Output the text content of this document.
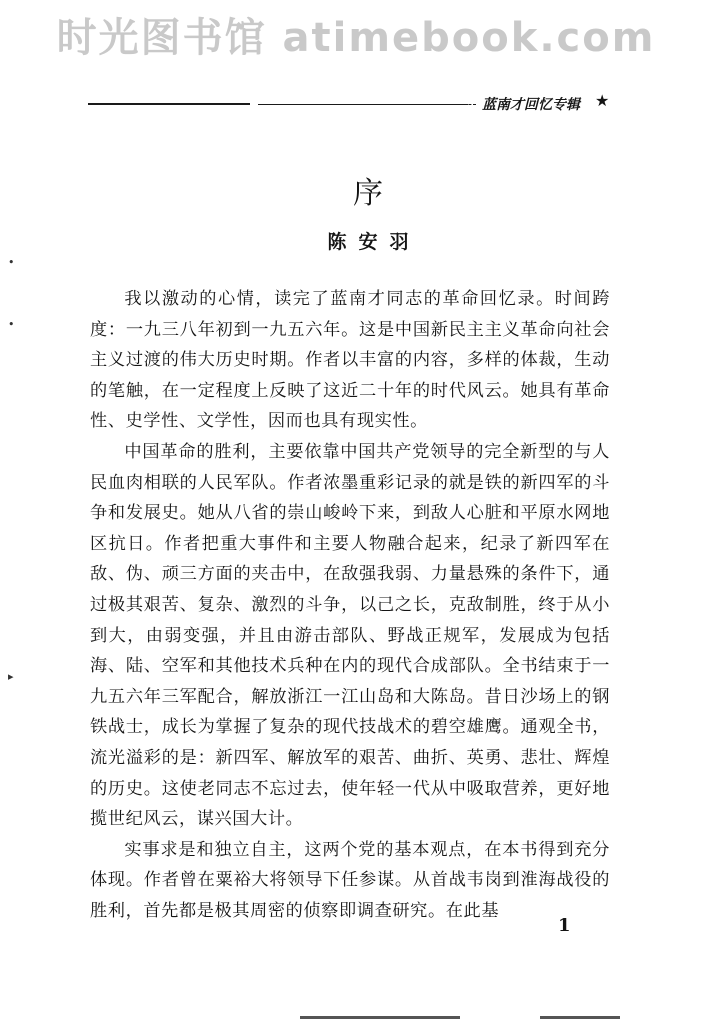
时光图书馆 atimebook.com
蓝南才回忆专辑 ★
序
陈安羽

我以激动的心情，读完了蓝南才同志的革命回忆录。时间跨度：一九三八年初到一九五六年。这是中国新民主主义革命向社会主义过渡的伟大历史时期。作者以丰富的内容，多样的体裁，生动的笔触，在一定程度上反映了这近二十年的时代风云。她具有革命性、史学性、文学性，因而也具有现实性。

中国革命的胜利，主要依靠中国共产党领导的完全新型的与人民血肉相联的人民军队。作者浓墨重彩记录的就是铁的新四军的斗争和发展史。她从八省的崇山峻岭下来，到敌人心脏和平原水网地区抗日。作者把重大事件和主要人物融合起来，纪录了新四军在敌、伪、顽三方面的夹击中，在敌强我弱、力量悬殊的条件下，通过极其艰苦、复杂、激烈的斗争，以己之长，克敌制胜，终于从小到大，由弱变强，并且由游击部队、野战正规军，发展成为包括海、陆、空军和其他技术兵种在内的现代合成部队。全书结束于一九五六年三军配合，解放浙江一江山岛和大陈岛。昔日沙场上的钢铁战士，成长为掌握了复杂的现代技战术的碧空雄鹰。通观全书，流光溢彩的是：新四军、解放军的艰苦、曲折、英勇、悲壮、辉煌的历史。这使老同志不忘过去，使年轻一代从中吸取营养，更好地揽世纪风云，谋兴国大计。

实事求是和独立自主，这两个党的基本观点，在本书得到充分体现。作者曾在粟裕大将领导下任参谋。从首战韦岗到淮海战役的胜利，首先都是极其周密的侦察即调查研究。在此基

1
•
•
▸
